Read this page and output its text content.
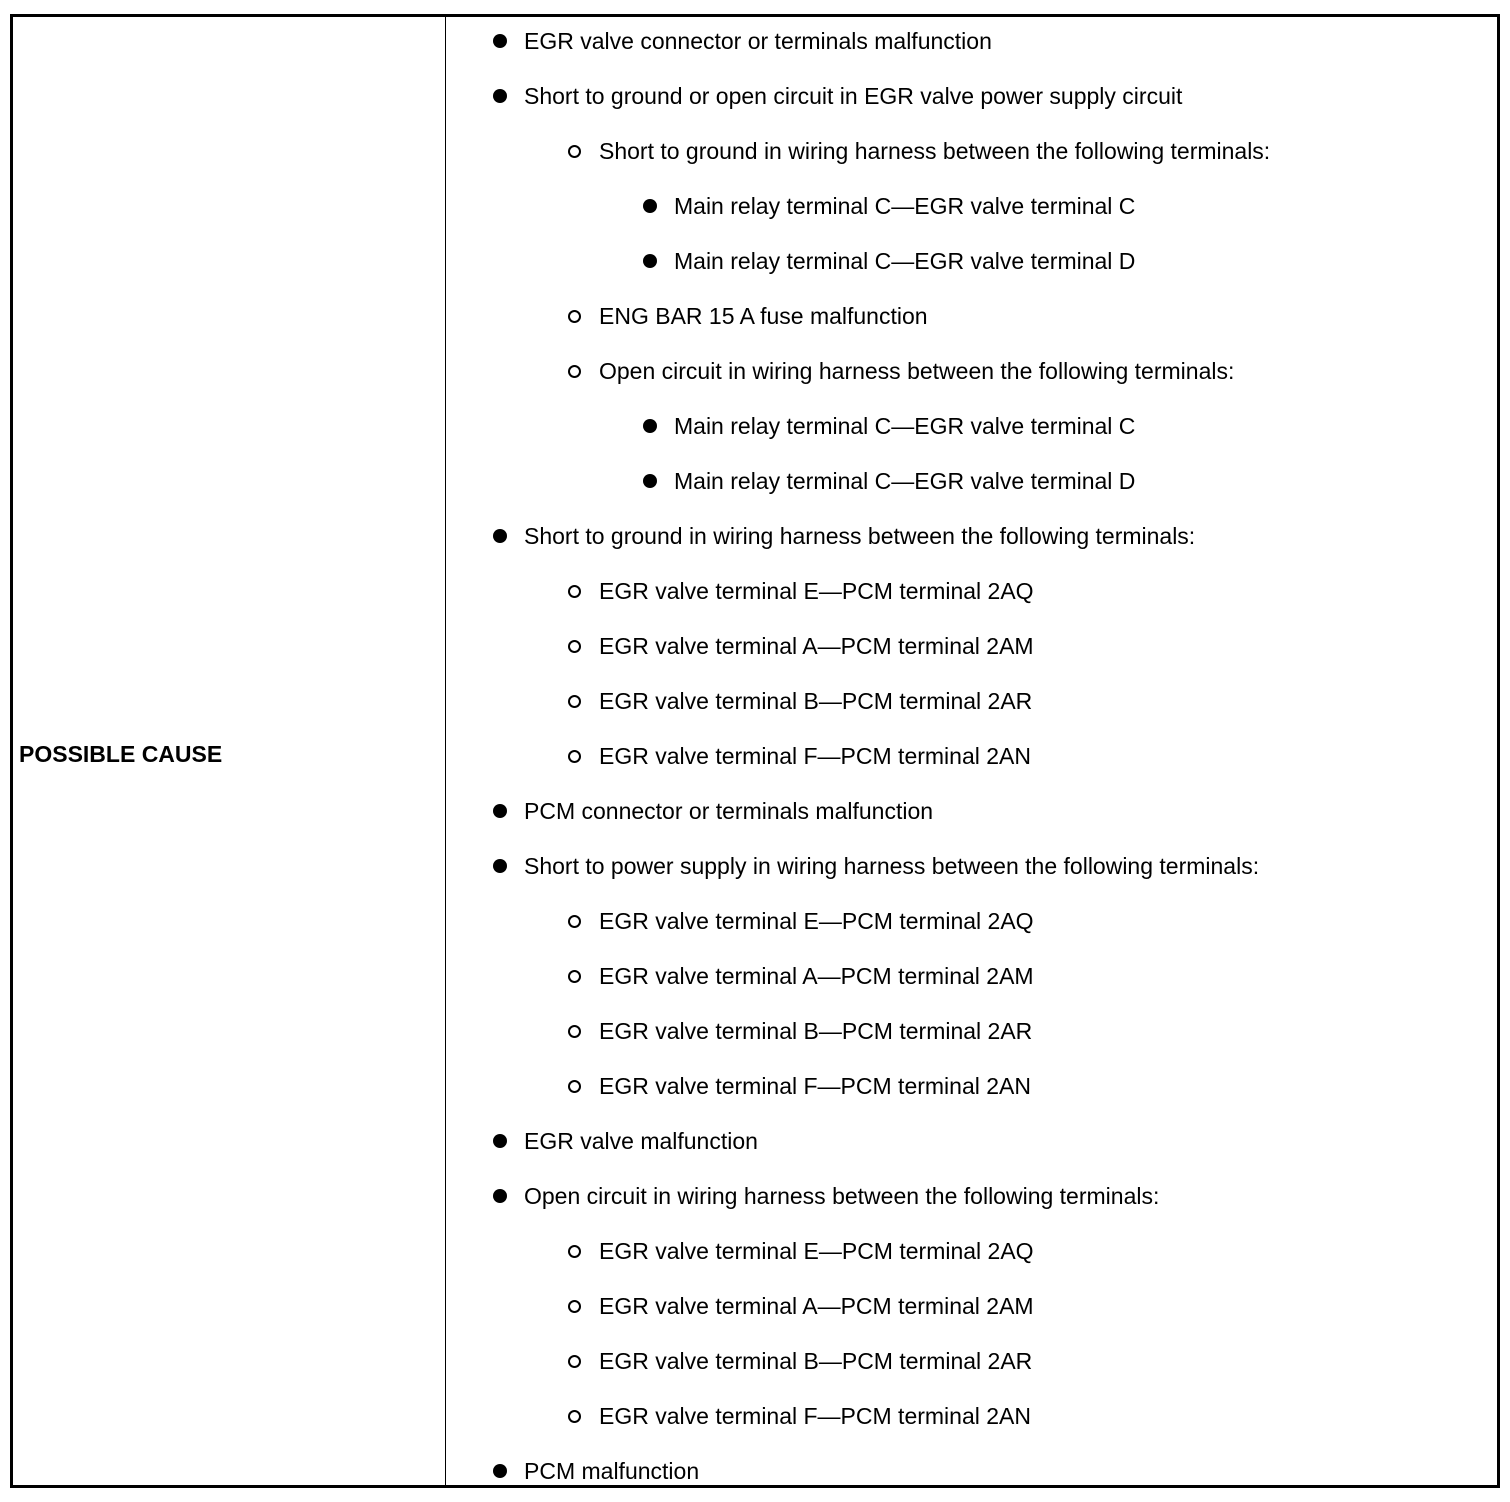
POSSIBLE CAUSE
EGR valve connector or terminals malfunction
Short to ground or open circuit in EGR valve power supply circuit
Short to ground in wiring harness between the following terminals:
Main relay terminal C—EGR valve terminal C
Main relay terminal C—EGR valve terminal D
ENG BAR 15 A fuse malfunction
Open circuit in wiring harness between the following terminals:
Main relay terminal C—EGR valve terminal C
Main relay terminal C—EGR valve terminal D
Short to ground in wiring harness between the following terminals:
EGR valve terminal E—PCM terminal 2AQ
EGR valve terminal A—PCM terminal 2AM
EGR valve terminal B—PCM terminal 2AR
EGR valve terminal F—PCM terminal 2AN
PCM connector or terminals malfunction
Short to power supply in wiring harness between the following terminals:
EGR valve terminal E—PCM terminal 2AQ
EGR valve terminal A—PCM terminal 2AM
EGR valve terminal B—PCM terminal 2AR
EGR valve terminal F—PCM terminal 2AN
EGR valve malfunction
Open circuit in wiring harness between the following terminals:
EGR valve terminal E—PCM terminal 2AQ
EGR valve terminal A—PCM terminal 2AM
EGR valve terminal B—PCM terminal 2AR
EGR valve terminal F—PCM terminal 2AN
PCM malfunction
